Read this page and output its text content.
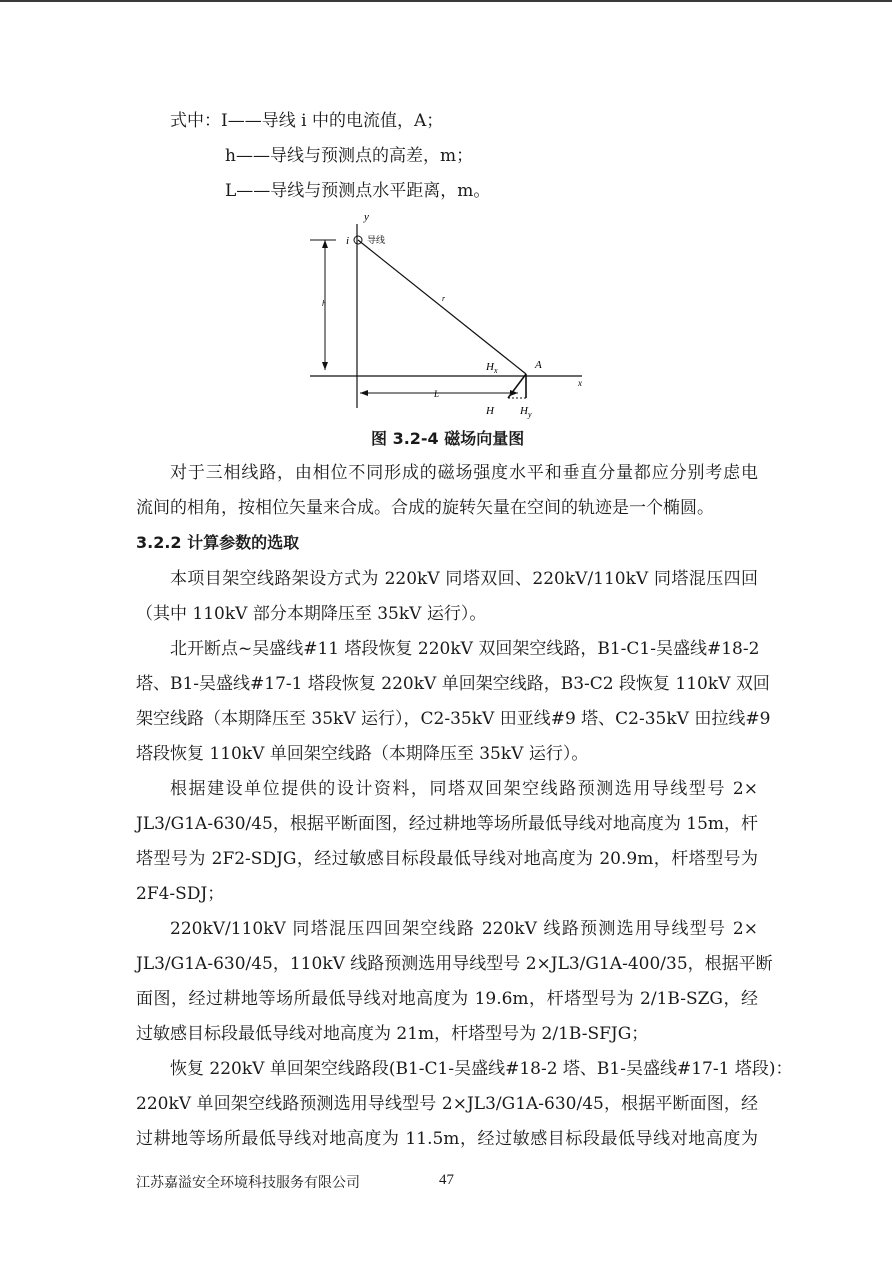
式中：I——导线 i 中的电流值，A；
h——导线与预测点的高差，m；
L——导线与预测点水平距离，m。
y
x
i 导线
h
r
$H_x$	A
H $H_y$
L
图 3.2-4 磁场向量图
对于三相线路，由相位不同形成的磁场强度水平和垂直分量都应分别考虑电
流间的相角，按相位矢量来合成。合成的旋转矢量在空间的轨迹是一个椭圆。
3.2.2 计算参数的选取
本项目架空线路架设方式为 220kV 同塔双回、220kV/110kV 同塔混压四回
（其中 110kV 部分本期降压至 35kV 运行）。
北开断点~吴盛线#11 塔段恢复 220kV 双回架空线路，B1-C1-吴盛线#18-2
塔、B1-吴盛线#17-1 塔段恢复 220kV 单回架空线路，B3-C2 段恢复 110kV 双回
架空线路（本期降压至 35kV 运行），C2-35kV 田亚线#9 塔、C2-35kV 田拉线#9
塔段恢复 110kV 单回架空线路（本期降压至 35kV 运行）。
根据建设单位提供的设计资料，同塔双回架空线路预测选用导线型号 2×
JL3/G1A-630/45，根据平断面图，经过耕地等场所最低导线对地高度为 15m，杆
塔型号为 2F2-SDJG，经过敏感目标段最低导线对地高度为 20.9m，杆塔型号为
2F4-SDJ；
220kV/110kV 同塔混压四回架空线路 220kV 线路预测选用导线型号 2×
JL3/G1A-630/45，110kV 线路预测选用导线型号 2×JL3/G1A-400/35，根据平断
面图，经过耕地等场所最低导线对地高度为 19.6m，杆塔型号为 2/1B-SZG，经
过敏感目标段最低导线对地高度为 21m，杆塔型号为 2/1B-SFJG；
恢复 220kV 单回架空线路段(B1-C1-吴盛线#18-2 塔、B1-吴盛线#17-1 塔段)：
220kV 单回架空线路预测选用导线型号 2×JL3/G1A-630/45，根据平断面图，经
过耕地等场所最低导线对地高度为 11.5m，经过敏感目标段最低导线对地高度为
江苏嘉溢安全环境科技服务有限公司	47
